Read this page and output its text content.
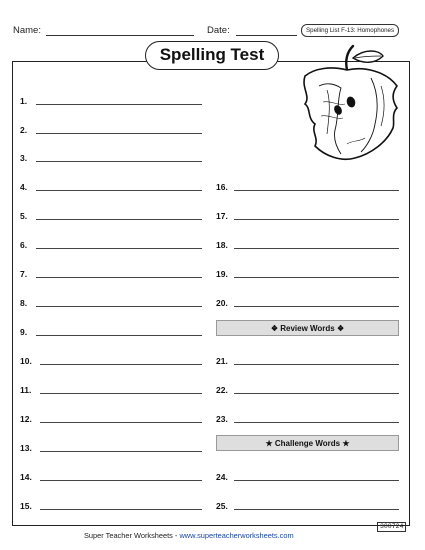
Name:	Date:	Spelling List F-13: Homophones
Spelling Test
1.
2.
3.
4.
5.
6.
7.
8.
9.
10.
11.
12.
13.
14.
15.
16.
17.
18.
19.
20.
❖ Review Words ❖
21.
22.
23.
★ Challenge Words ★
24.
25.
Super Teacher Worksheets - www.superteacherworksheets.com
300724
